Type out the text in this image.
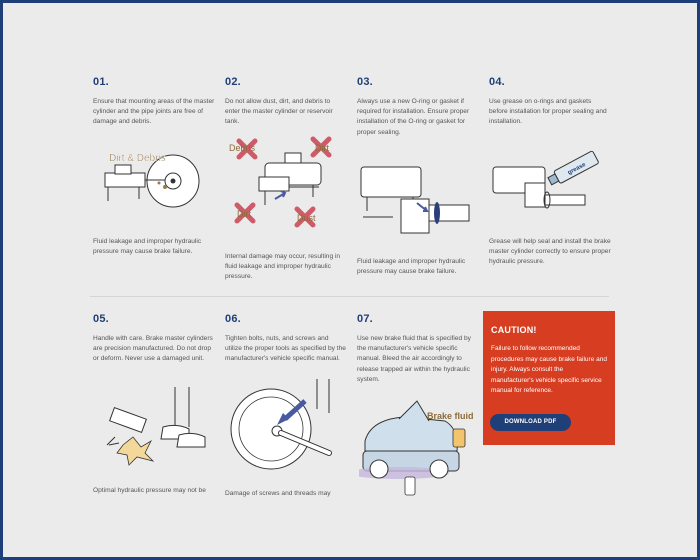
01.

Ensure that mounting areas of the master cylinder and the pipe joints are free of damage and debris.

Dirt & Debris
Fluid leakage and improper hydraulic pressure may cause brake failure.
02.

Do not allow dust, dirt, and debris to enter the master cylinder or reservoir tank.

Debris	Dirt
Dirt	Dust
Internal damage may occur, resulting in fluid leakage and improper hydraulic pressure.
03.

Always use a new O-ring or gasket if required for installation. Ensure proper installation of the O-ring or gasket for proper sealing.

Fluid leakage and improper hydraulic pressure may cause brake failure.
04.

Use grease on o-rings and gaskets before installation for proper sealing and installation.

grease
Grease will help seal and install the brake master cylinder correctly to ensure proper hydraulic pressure.
05.

Handle with care. Brake master cylinders are precision manufactured. Do not drop or deform. Never use a damaged unit.

Optimal hydraulic pressure may not be
06.

Tighten bolts, nuts, and screws and utilize the proper tools as specified by the manufacturer's vehicle specific manual.

Damage of screws and threads may
07.

Use new brake fluid that is specified by the manufacturer's vehicle specific manual. Bleed the air accordingly to release trapped air within the hydraulic system.

Brake fluid
CAUTION!
Failure to follow recommended procedures may cause brake failure and injury. Always consult the manufacturer's vehicle specific service manual for reference.
DOWNLOAD PDF
